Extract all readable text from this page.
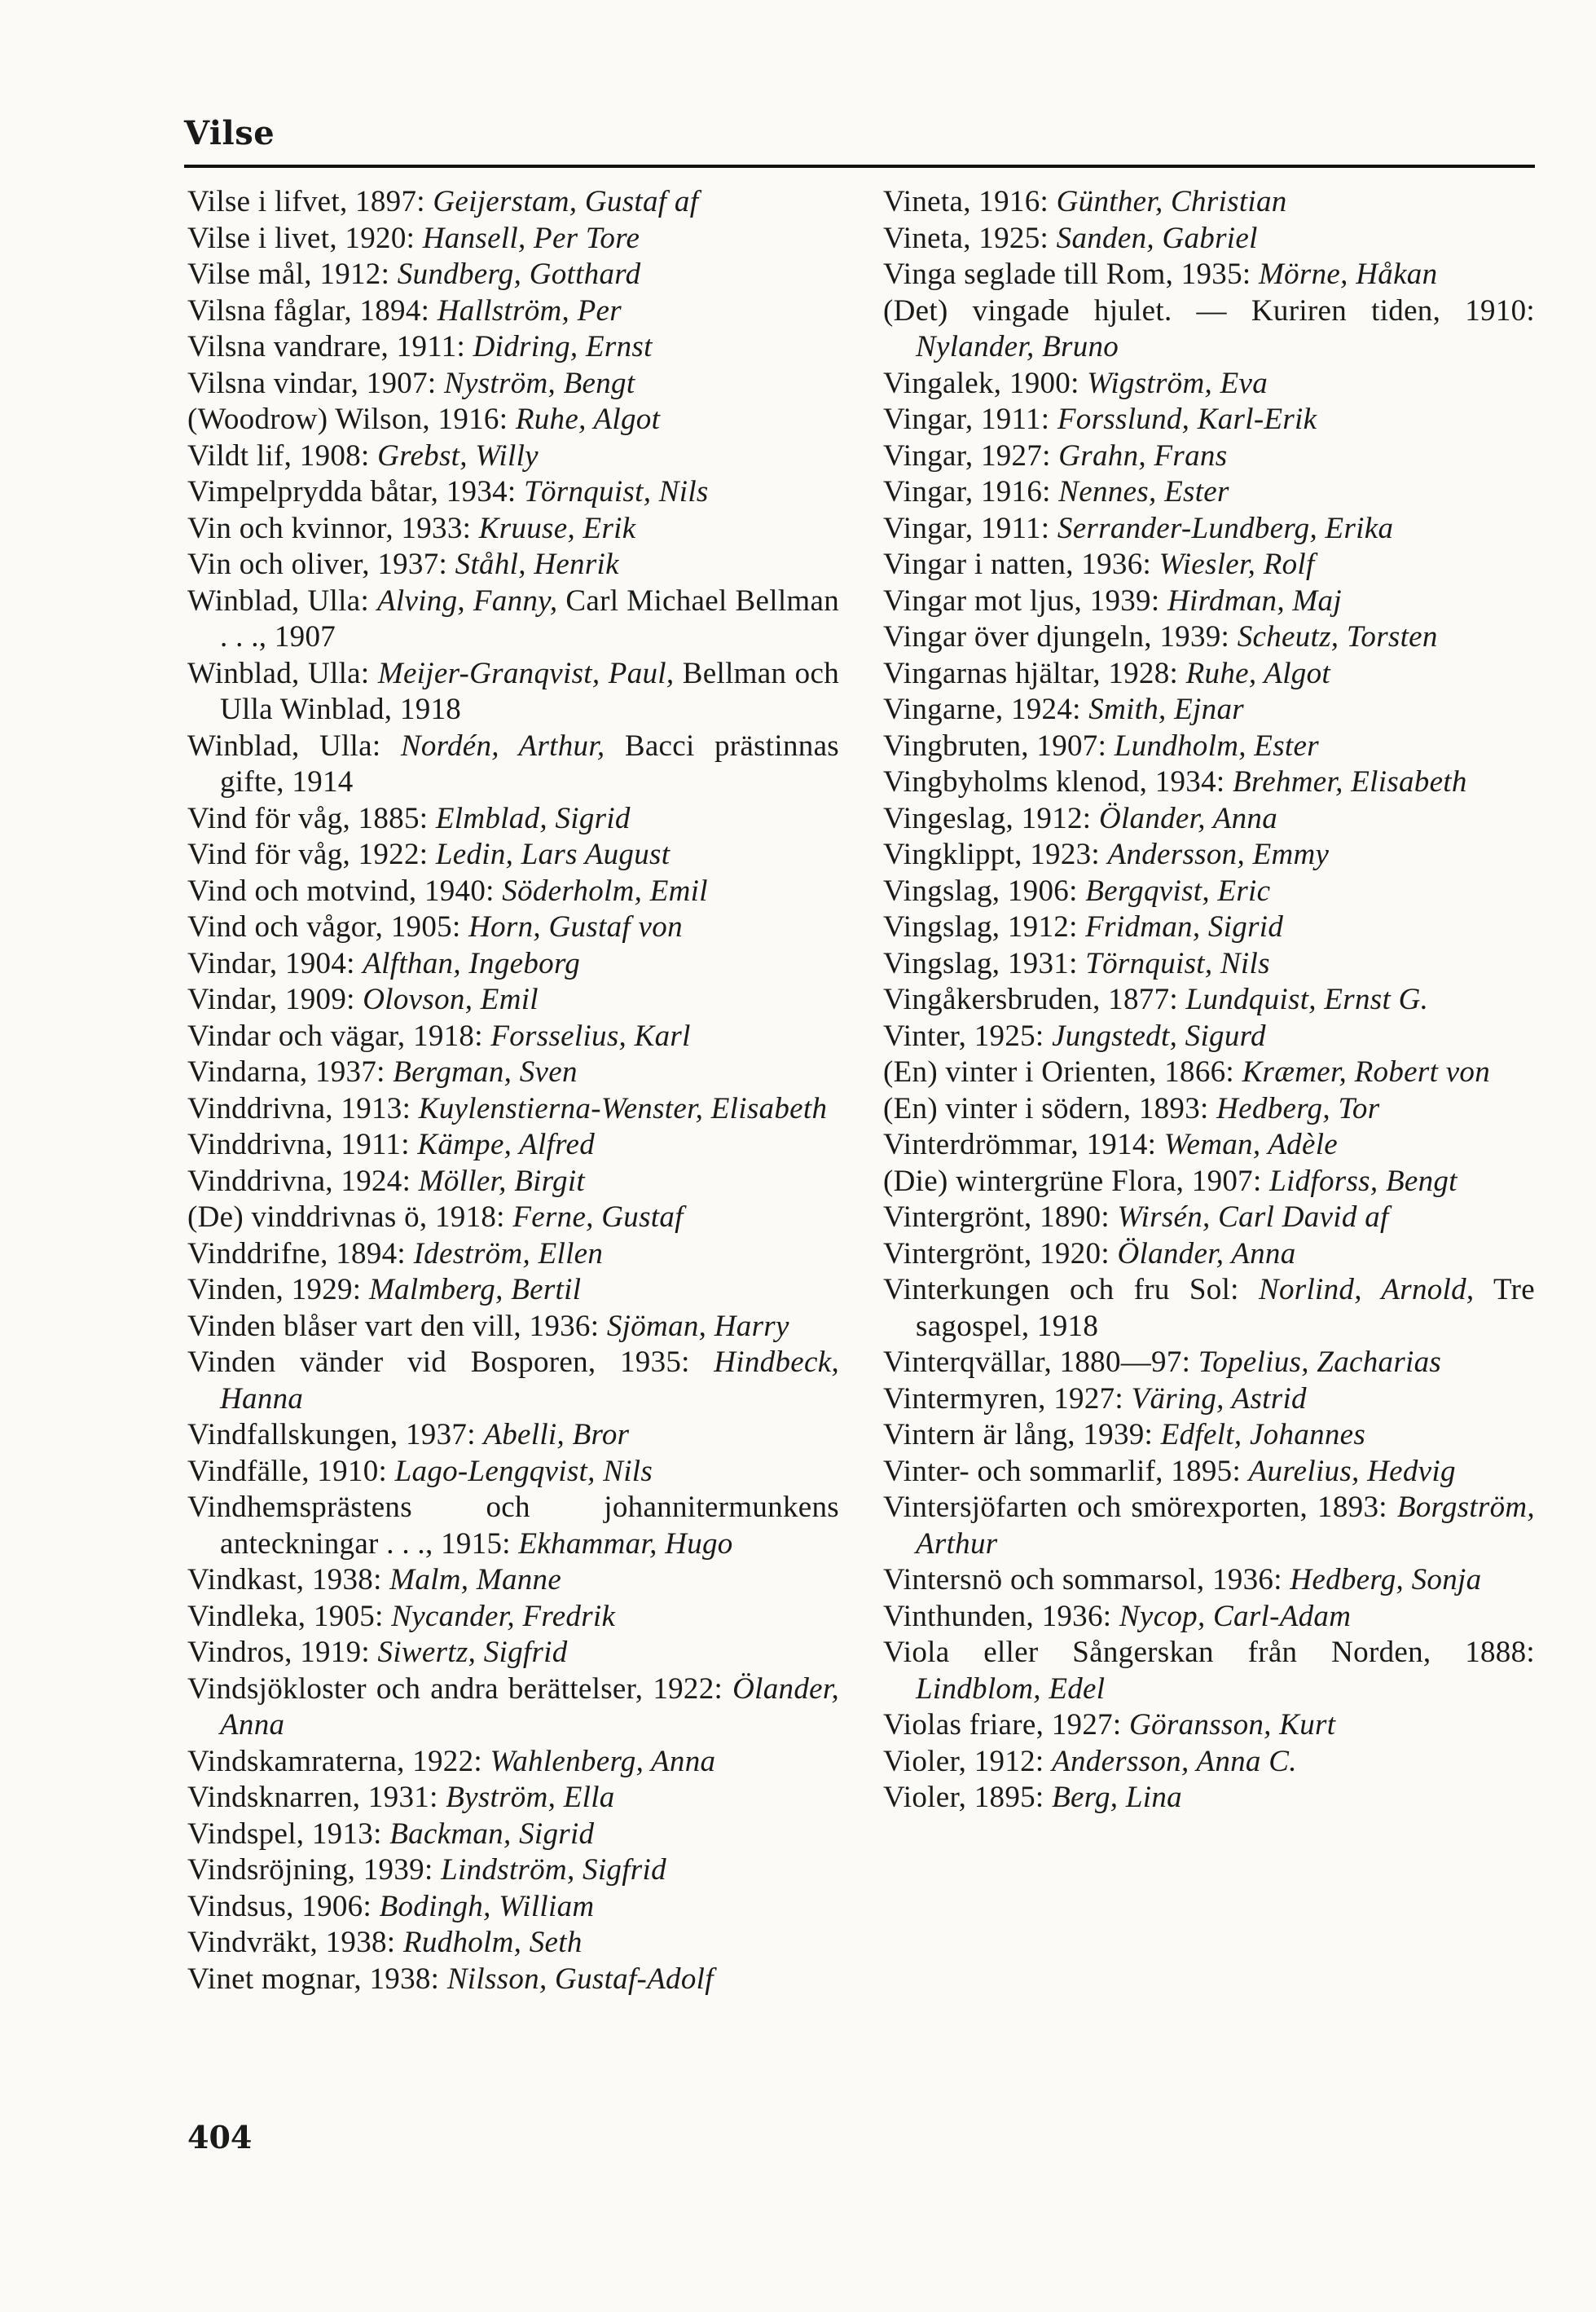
Vilse

Vilse i lifvet, 1897: Geijerstam, Gustaf af

Vilse i livet, 1920: Hansell, Per Tore

Vilse mål, 1912: Sundberg, Gotthard

Vilsna fåglar, 1894: Hallström, Per

Vilsna vandrare, 1911: Didring, Ernst

Vilsna vindar, 1907: Nyström, Bengt

(Woodrow) Wilson, 1916: Ruhe, Algot

Vildt lif, 1908: Grebst, Willy

Vimpelprydda båtar, 1934: Törnquist, Nils

Vin och kvinnor, 1933: Kruuse, Erik

Vin och oliver, 1937: Ståhl, Henrik

Winblad, Ulla: Alving, Fanny, Carl Michael Bellman . . ., 1907

Winblad, Ulla: Meijer-Granqvist, Paul, Bellman och Ulla Winblad, 1918

Winblad, Ulla: Nordén, Arthur, Bacci prästinnas gifte, 1914

Vind för våg, 1885: Elmblad, Sigrid

Vind för våg, 1922: Ledin, Lars August

Vind och motvind, 1940: Söderholm, Emil

Vind och vågor, 1905: Horn, Gustaf von

Vindar, 1904: Alfthan, Ingeborg

Vindar, 1909: Olovson, Emil

Vindar och vägar, 1918: Forsselius, Karl

Vindarna, 1937: Bergman, Sven

Vinddrivna, 1913: Kuylenstierna-Wenster, Elisabeth

Vinddrivna, 1911: Kämpe, Alfred

Vinddrivna, 1924: Möller, Birgit

(De) vinddrivnas ö, 1918: Ferne, Gustaf

Vinddrifne, 1894: Ideström, Ellen

Vinden, 1929: Malmberg, Bertil

Vinden blåser vart den vill, 1936: Sjöman, Harry

Vinden vänder vid Bosporen, 1935: Hindbeck, Hanna

Vindfallskungen, 1937: Abelli, Bror

Vindfälle, 1910: Lago-Lengqvist, Nils

Vindhemsprästens och johannitermunkens anteckningar . . ., 1915: Ekhammar, Hugo

Vindkast, 1938: Malm, Manne

Vindleka, 1905: Nycander, Fredrik

Vindros, 1919: Siwertz, Sigfrid

Vindsjökloster och andra berättelser, 1922: Ölander, Anna

Vindskamraterna, 1922: Wahlenberg, Anna

Vindsknarren, 1931: Byström, Ella

Vindspel, 1913: Backman, Sigrid

Vindsröjning, 1939: Lindström, Sigfrid

Vindsus, 1906: Bodingh, William

Vindvräkt, 1938: Rudholm, Seth

Vinet mognar, 1938: Nilsson, Gustaf-Adolf

Vineta, 1916: Günther, Christian

Vineta, 1925: Sanden, Gabriel

Vinga seglade till Rom, 1935: Mörne, Håkan

(Det) vingade hjulet. — Kuriren tiden, 1910: Nylander, Bruno

Vingalek, 1900: Wigström, Eva

Vingar, 1911: Forsslund, Karl-Erik

Vingar, 1927: Grahn, Frans

Vingar, 1916: Nennes, Ester

Vingar, 1911: Serrander-Lundberg, Erika

Vingar i natten, 1936: Wiesler, Rolf

Vingar mot ljus, 1939: Hirdman, Maj

Vingar över djungeln, 1939: Scheutz, Torsten

Vingarnas hjältar, 1928: Ruhe, Algot

Vingarne, 1924: Smith, Ejnar

Vingbruten, 1907: Lundholm, Ester

Vingbyholms klenod, 1934: Brehmer, Elisabeth

Vingeslag, 1912: Ölander, Anna

Vingklippt, 1923: Andersson, Emmy

Vingslag, 1906: Bergqvist, Eric

Vingslag, 1912: Fridman, Sigrid

Vingslag, 1931: Törnquist, Nils

Vingåkersbruden, 1877: Lundquist, Ernst G.

Vinter, 1925: Jungstedt, Sigurd

(En) vinter i Orienten, 1866: Kræmer, Robert von

(En) vinter i södern, 1893: Hedberg, Tor

Vinterdrömmar, 1914: Weman, Adèle

(Die) wintergrüne Flora, 1907: Lidforss, Bengt

Vintergrönt, 1890: Wirsén, Carl David af

Vintergrönt, 1920: Ölander, Anna

Vinterkungen och fru Sol: Norlind, Arnold, Tre sagospel, 1918

Vinterqvällar, 1880—97: Topelius, Zacharias

Vintermyren, 1927: Väring, Astrid

Vintern är lång, 1939: Edfelt, Johannes

Vinter- och sommarlif, 1895: Aurelius, Hedvig

Vintersjöfarten och smörexporten, 1893: Borgström, Arthur

Vintersnö och sommarsol, 1936: Hedberg, Sonja

Vinthunden, 1936: Nycop, Carl-Adam

Viola eller Sångerskan från Norden, 1888: Lindblom, Edel

Violas friare, 1927: Göransson, Kurt

Violer, 1912: Andersson, Anna C.

Violer, 1895: Berg, Lina

404
